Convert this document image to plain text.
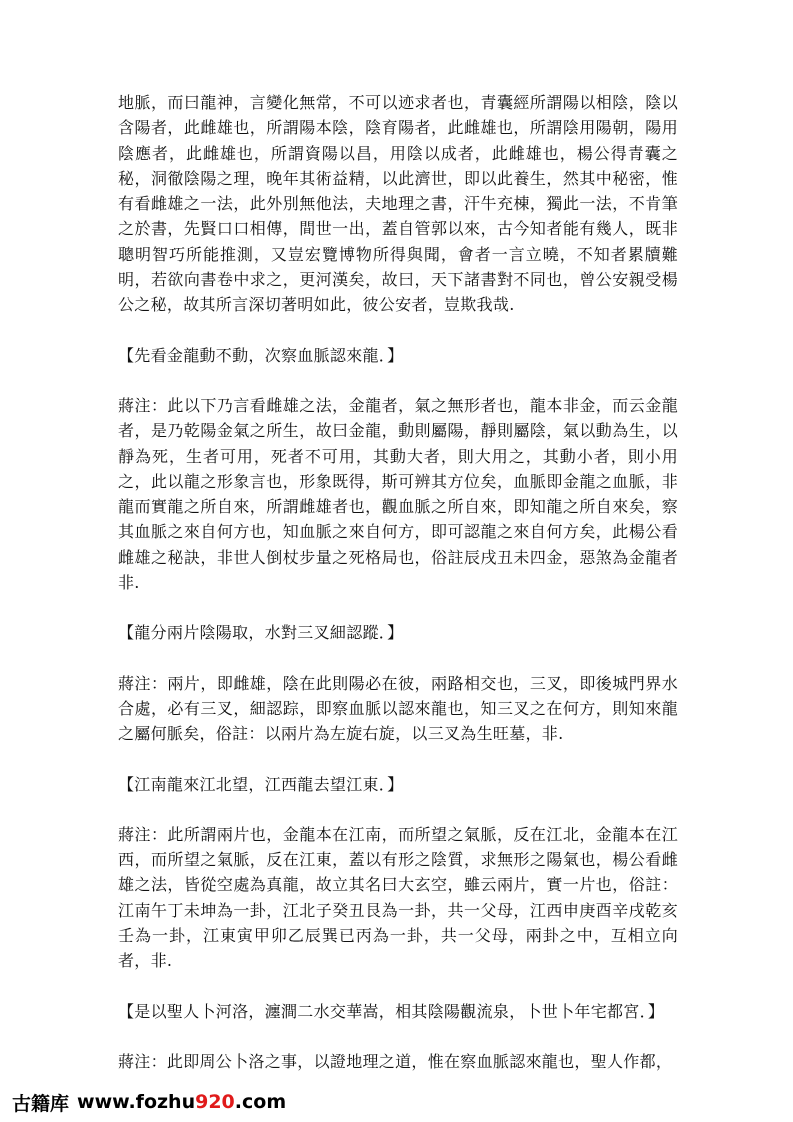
地脈，而曰龍神，言變化無常，不可以迹求者也，青囊經所謂陽以相陰，陰以含陽者，此雌雄也，所謂陽本陰，陰育陽者，此雌雄也，所謂陰用陽朝，陽用陰應者，此雌雄也，所謂資陽以昌，用陰以成者，此雌雄也，楊公得青囊之秘，洞徹陰陽之理，晚年其術益精，以此濟世，即以此養生，然其中秘密，惟有看雌雄之一法，此外別無他法，夫地理之書，汗牛充棟，獨此一法，不肯筆之於書，先賢口口相傳，間世一出，蓋自管郭以來，古今知者能有幾人，既非聰明智巧所能推測，又豈宏覽博物所得與聞，會者一言立曉，不知者累牘難明，若欲向書卷中求之，更河漢矣，故曰，天下諸書對不同也，曾公安親受楊公之秘，故其所言深切著明如此，彼公安者，豈欺我哉.

【先看金龍動不動，次察血脈認來龍．】

蔣注：此以下乃言看雌雄之法，金龍者，氣之無形者也，龍本非金，而云金龍者，是乃乾陽金氣之所生，故曰金龍，動則屬陽，靜則屬陰，氣以動為生，以靜為死，生者可用，死者不可用，其動大者，則大用之，其動小者，則小用之，此以龍之形象言也，形象既得，斯可辨其方位矣，血脈即金龍之血脈，非龍而實龍之所自來，所謂雌雄者也，觀血脈之所自來，即知龍之所自來矣，察其血脈之來自何方也，知血脈之來自何方，即可認龍之來自何方矣，此楊公看雌雄之秘訣，非世人倒杖步量之死格局也，俗註辰戌丑未四金，惡煞為金龍者非.

【龍分兩片陰陽取，水對三叉細認蹤．】

蔣注：兩片，即雌雄，陰在此則陽必在彼，兩路相交也，三叉，即後城門界水合處，必有三叉，細認踪，即察血脈以認來龍也，知三叉之在何方，則知來龍之屬何脈矣，俗註：以兩片為左旋右旋，以三叉為生旺墓，非.

【江南龍來江北望，江西龍去望江東．】

蔣注：此所謂兩片也，金龍本在江南，而所望之氣脈，反在江北，金龍本在江西，而所望之氣脈，反在江東，蓋以有形之陰質，求無形之陽氣也，楊公看雌雄之法，皆從空處為真龍，故立其名曰大玄空，雖云兩片，實一片也，俗註：江南午丁未坤為一卦，江北子癸丑艮為一卦，共一父母，江西申庚酉辛戌乾亥壬為一卦，江東寅甲卯乙辰巽已丙為一卦，共一父母，兩卦之中，互相立向者，非.

【是以聖人卜河洛，瀍澗二水交華嵩，相其陰陽觀流泉，卜世卜年宅都宮．】

蔣注：此即周公卜洛之事，以證地理之道，惟在察血脈認來龍也，聖人作都，

古籍库 www.fozhu 920 .com
